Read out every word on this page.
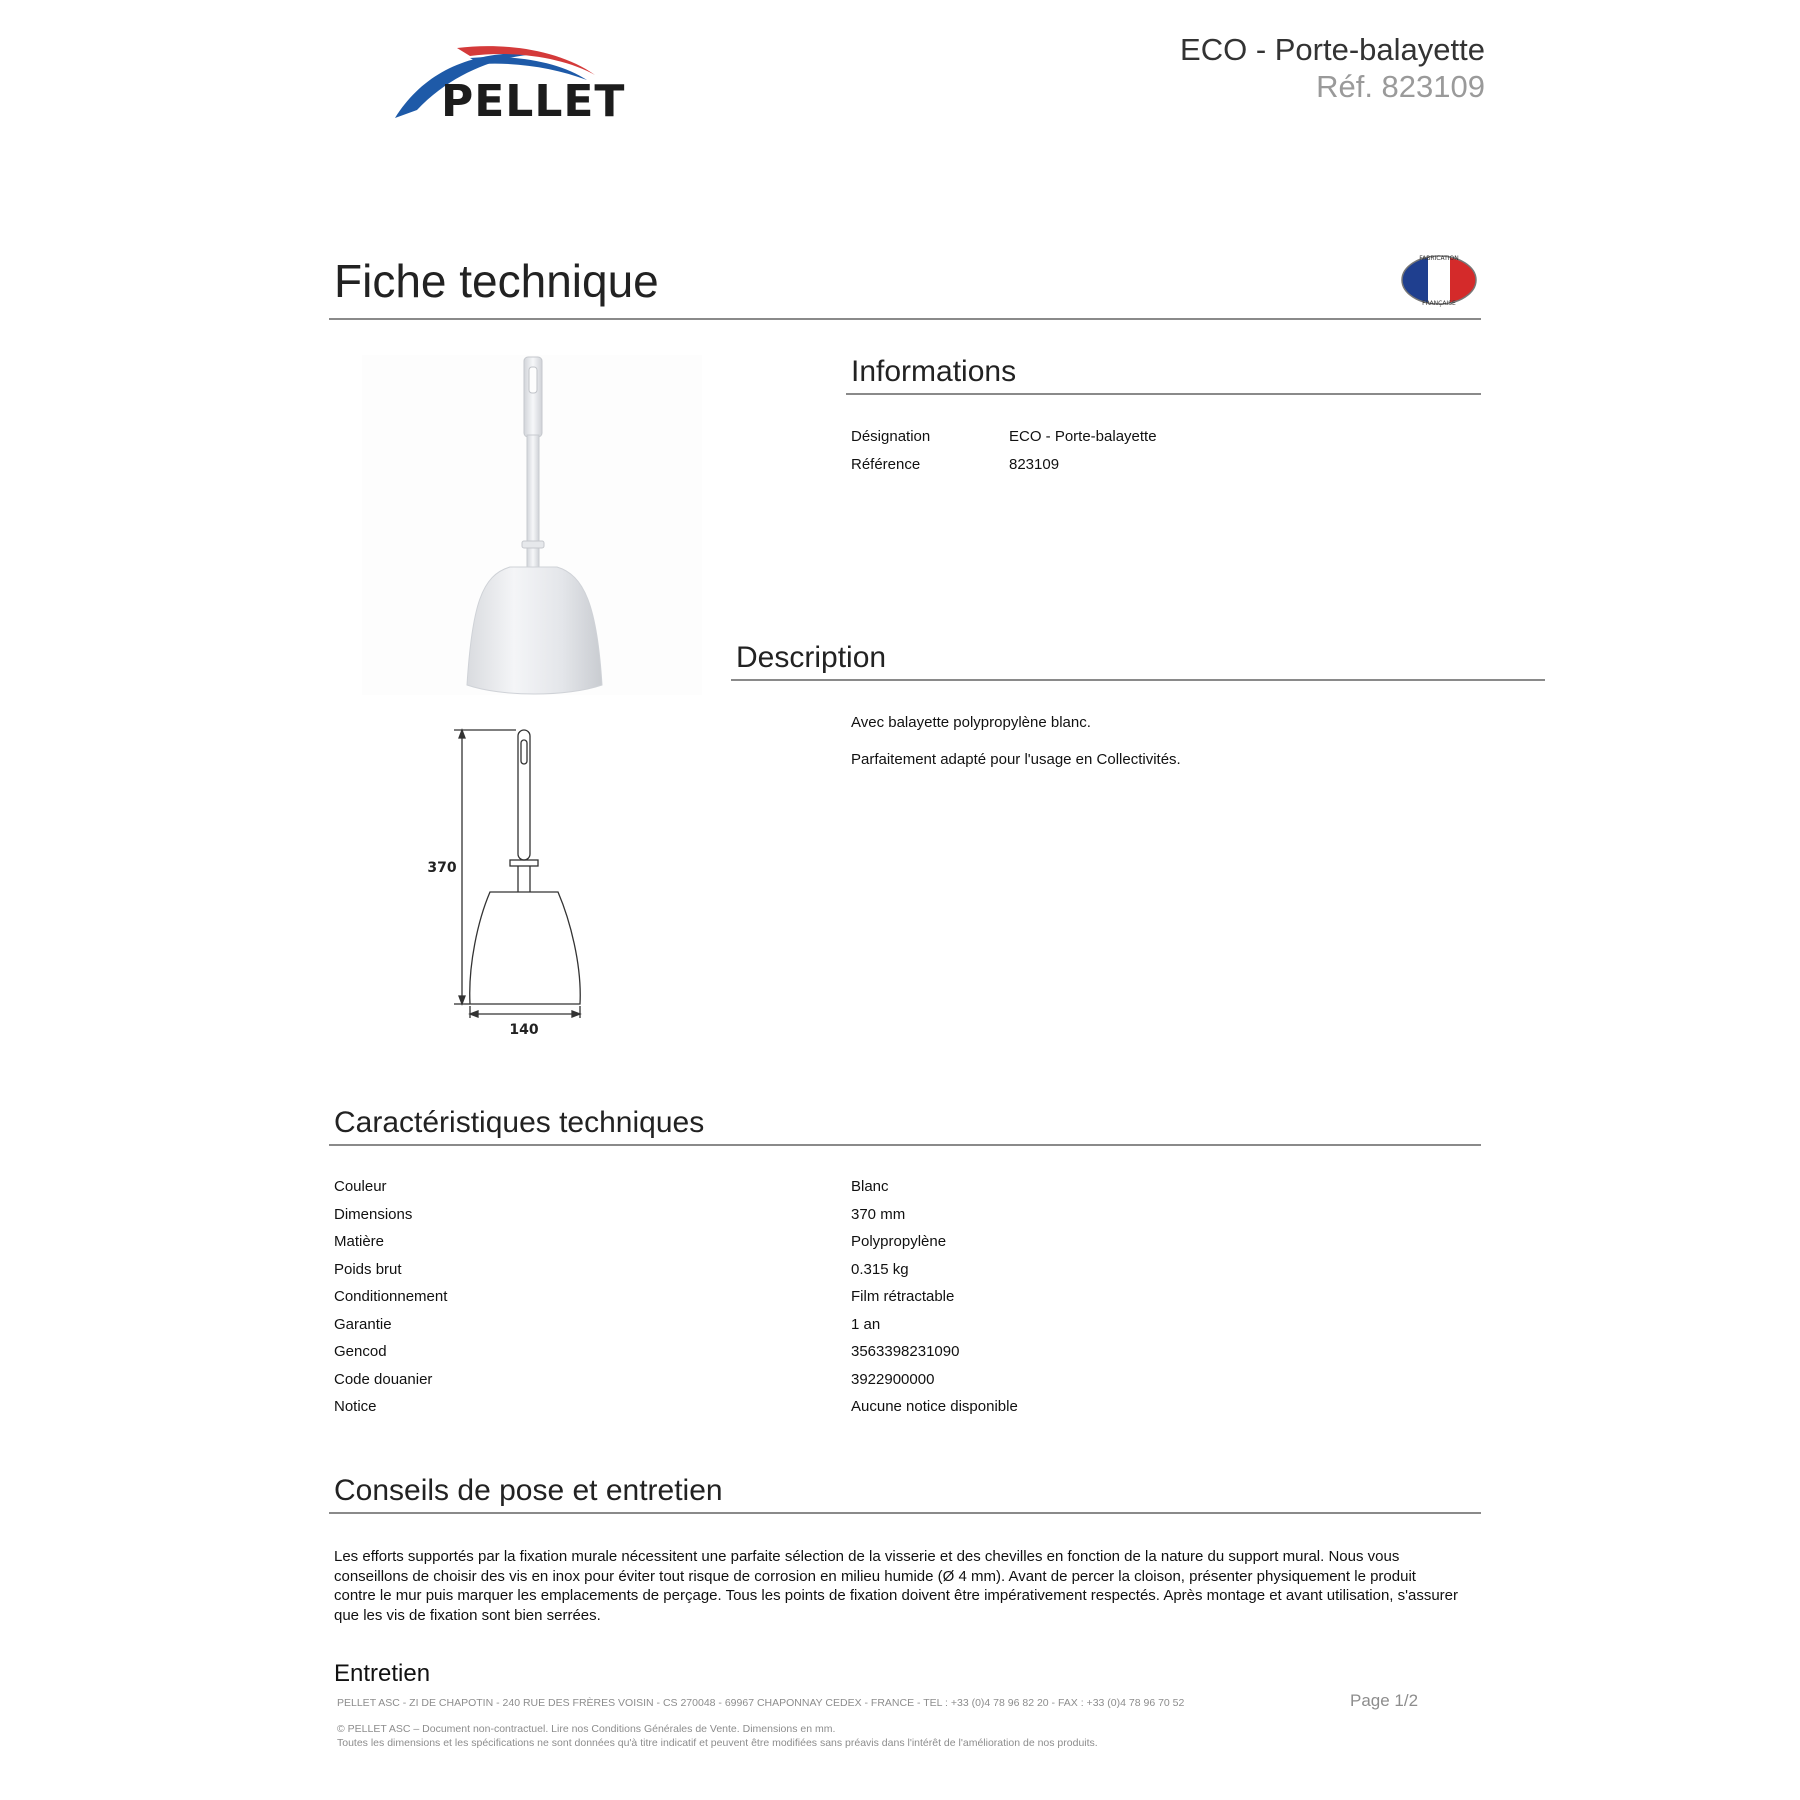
PELLET
ECO - Porte-balayette
Réf. 823109
Fiche technique	FABRICATION
FRANÇAISE
370
140
Informations
Désignation	ECO - Porte-balayette
Référence	823109
Description
Avec balayette polypropylène blanc.
Parfaitement adapté pour l'usage en Collectivités.
Caractéristiques techniques
Couleur	Blanc
Dimensions	370 mm
Matière	Polypropylène
Poids brut	0.315 kg
Conditionnement	Film rétractable
Garantie	1 an
Gencod	3563398231090
Code douanier	3922900000
Notice	Aucune notice disponible
Conseils de pose et entretien
Les efforts supportés par la fixation murale nécessitent une parfaite sélection de la visserie et des chevilles en fonction de la nature du support mural. Nous vous
conseillons de choisir des vis en inox pour éviter tout risque de corrosion en milieu humide (Ø 4 mm). Avant de percer la cloison, présenter physiquement le produit
contre le mur puis marquer les emplacements de perçage. Tous les points de fixation doivent être impérativement respectés. Après montage et avant utilisation, s'assurer
que les vis de fixation sont bien serrées.
Entretien
PELLET ASC - ZI DE CHAPOTIN - 240 RUE DES FRÈRES VOISIN - CS 270048 - 69967 CHAPONNAY CEDEX - FRANCE - TEL : +33 (0)4 78 96 82 20 - FAX : +33 (0)4 78 96 70 52	Page 1/2
© PELLET ASC – Document non-contractuel. Lire nos Conditions Générales de Vente. Dimensions en mm.
Toutes les dimensions et les spécifications ne sont données qu'à titre indicatif et peuvent être modifiées sans préavis dans l'intérêt de l'amélioration de nos produits.
